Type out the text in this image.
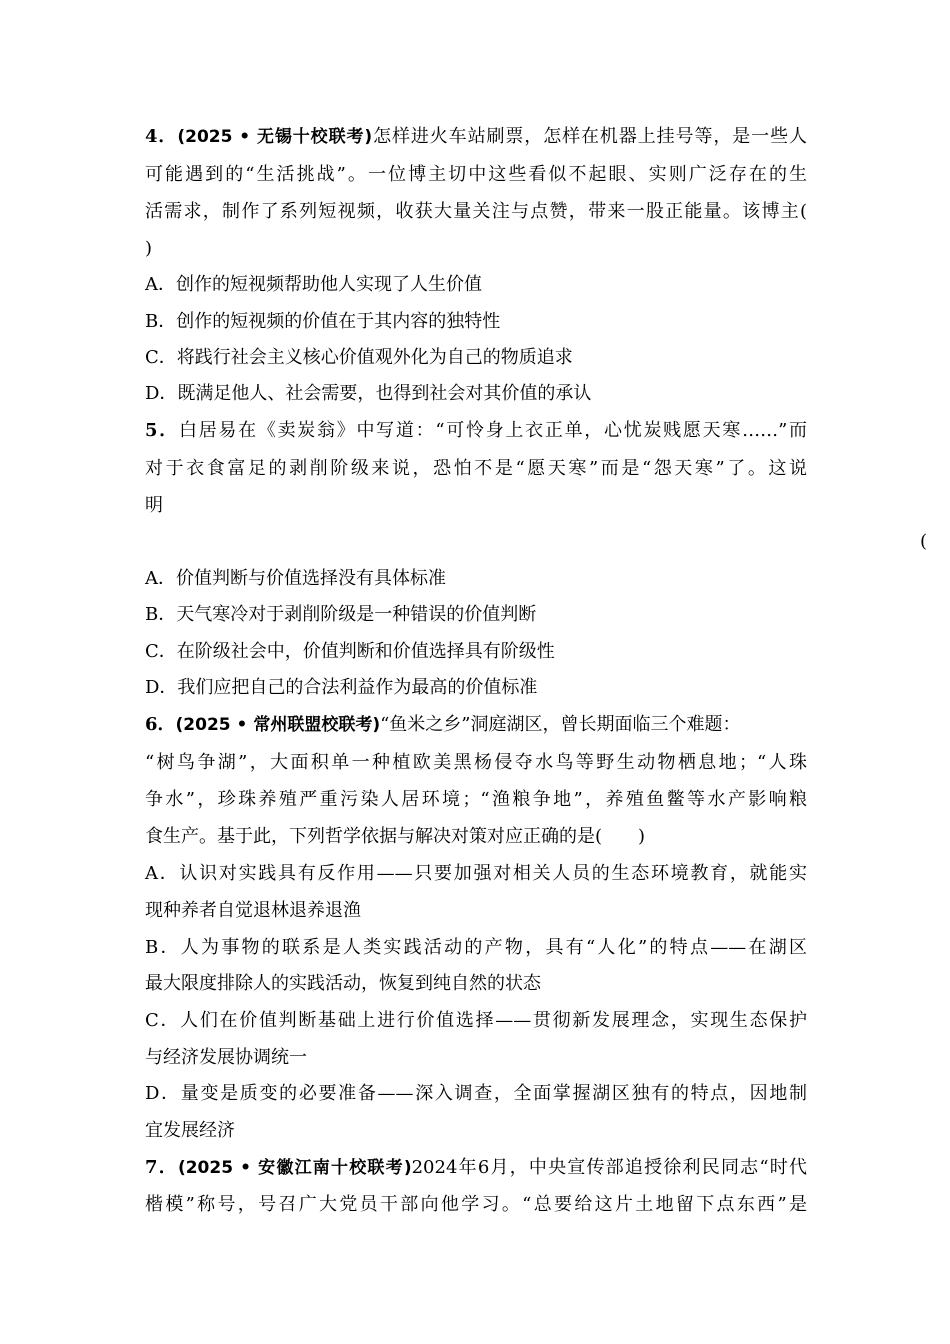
4．(2025 • 无锡十校联考)怎样进火车站刷票，怎样在机器上挂号等，是一些人
可能遇到的“生活挑战”。一位博主切中这些看似不起眼、实则广泛存在的生
活需求，制作了系列短视频，收获大量关注与点赞，带来一股正能量。该博主(
)
A．创作的短视频帮助他人实现了人生价值
B．创作的短视频的价值在于其内容的独特性
C．将践行社会主义核心价值观外化为自己的物质追求
D．既满足他人、社会需要，也得到社会对其价值的承认
5．白居易在《卖炭翁》中写道：“可怜身上衣正单，心忧炭贱愿天寒……”而
对于衣食富足的剥削阶级来说，恐怕不是“愿天寒”而是“怨天寒”了。这说
明
(
A．价值判断与价值选择没有具体标准
B．天气寒冷对于剥削阶级是一种错误的价值判断
C．在阶级社会中，价值判断和价值选择具有阶级性
D．我们应把自己的合法利益作为最高的价值标准
6．(2025 • 常州联盟校联考)“鱼米之乡”洞庭湖区，曾长期面临三个难题：
“树鸟争湖”，大面积单一种植欧美黑杨侵夺水鸟等野生动物栖息地；“人珠
争水”，珍珠养殖严重污染人居环境；“渔粮争地”，养殖鱼鳖等水产影响粮
食生产。基于此，下列哲学依据与解决对策对应正确的是(　　)
A．认识对实践具有反作用——只要加强对相关人员的生态环境教育，就能实
现种养者自觉退林退养退渔
B．人为事物的联系是人类实践活动的产物，具有“人化”的特点——在湖区
最大限度排除人的实践活动，恢复到纯自然的状态
C．人们在价值判断基础上进行价值选择——贯彻新发展理念，实现生态保护
与经济发展协调统一
D．量变是质变的必要准备——深入调查，全面掌握湖区独有的特点，因地制
宜发展经济
7．(2025 • 安徽江南十校联考)2024年6月，中央宣传部追授徐利民同志“时代
楷模”称号，号召广大党员干部向他学习。“总要给这片土地留下点东西”是
